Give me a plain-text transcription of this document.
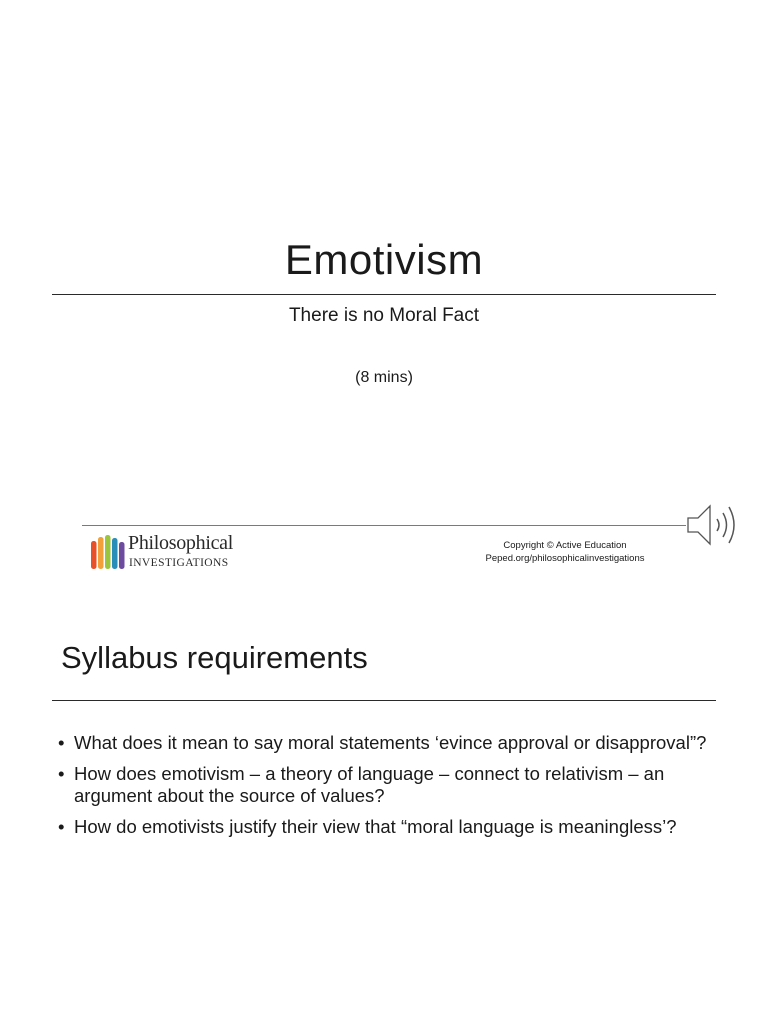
Emotivism
There is no Moral Fact
(8 mins)
Philosophical
INVESTIGATIONS
Copyright © Active Education
Peped.org/philosophicalinvestigations
Syllabus requirements
• What does it mean to say moral statements ‘evince approval or disapproval”?
• How does emotivism – a theory of language – connect to relativism – an argument about the source of values?
• How do emotivists justify their view that “moral language is meaningless’?
